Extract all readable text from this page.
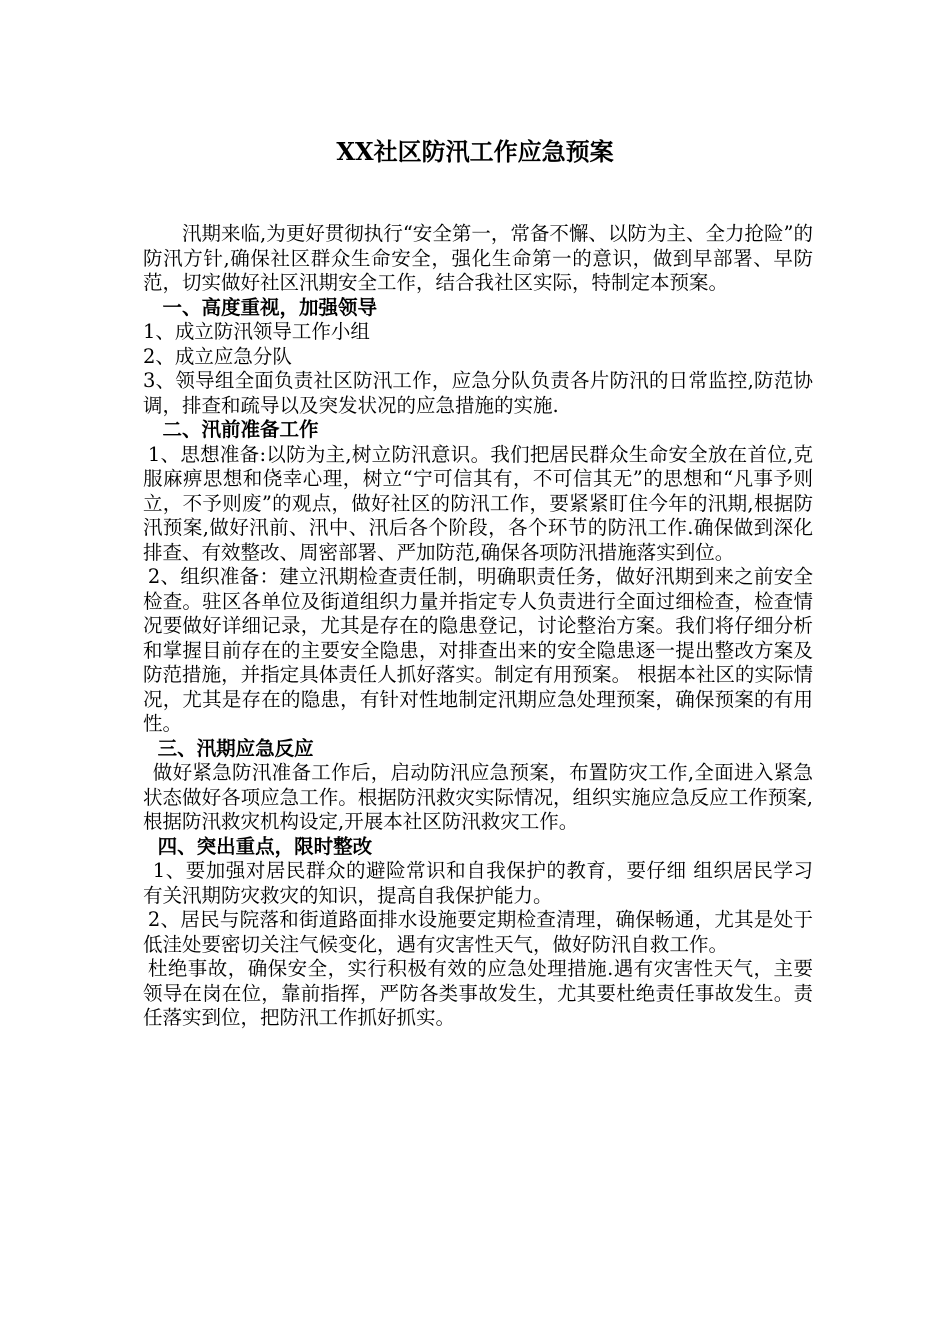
XX社区防汛工作应急预案

汛期来临,为更好贯彻执行“安全第一，常备不懈、以防为主、全力抢险”的防汛方针,确保社区群众生命安全，强化生命第一的意识，做到早部署、早防范，切实做好社区汛期安全工作，结合我社区实际，特制定本预案。

一、高度重视，加强领导

1、成立防汛领导工作小组

2、成立应急分队

3、领导组全面负责社区防汛工作，应急分队负责各片防汛的日常监控,防范协调，排查和疏导以及突发状况的应急措施的实施.

二、汛前准备工作

1、思想准备:以防为主,树立防汛意识。我们把居民群众生命安全放在首位,克服麻痹思想和侥幸心理，树立“宁可信其有，不可信其无”的思想和“凡事予则立，不予则废”的观点，做好社区的防汛工作，要紧紧盯住今年的汛期,根据防汛预案,做好汛前、汛中、汛后各个阶段，各个环节的防汛工作.确保做到深化排查、有效整改、周密部署、严加防范,确保各项防汛措施落实到位。

2、组织准备：建立汛期检查责任制，明确职责任务，做好汛期到来之前安全检查。驻区各单位及街道组织力量并指定专人负责进行全面过细检查，检查情况要做好详细记录，尤其是存在的隐患登记，讨论整治方案。我们将仔细分析和掌握目前存在的主要安全隐患，对排查出来的安全隐患逐一提出整改方案及防范措施，并指定具体责任人抓好落实。制定有用预案。 根据本社区的实际情况，尤其是存在的隐患，有针对性地制定汛期应急处理预案，确保预案的有用性。

三、汛期应急反应

做好紧急防汛准备工作后，启动防汛应急预案，布置防灾工作,全面进入紧急状态做好各项应急工作。根据防汛救灾实际情况，组织实施应急反应工作预案,根据防汛救灾机构设定,开展本社区防汛救灾工作。

四、突出重点，限时整改

1、要加强对居民群众的避险常识和自我保护的教育，要仔细 组织居民学习有关汛期防灾救灾的知识，提高自我保护能力。

2、居民与院落和街道路面排水设施要定期检查清理，确保畅通，尤其是处于低洼处要密切关注气候变化，遇有灾害性天气，做好防汛自救工作。

杜绝事故，确保安全，实行积极有效的应急处理措施.遇有灾害性天气，主要领导在岗在位，靠前指挥，严防各类事故发生，尤其要杜绝责任事故发生。责任落实到位，把防汛工作抓好抓实。
